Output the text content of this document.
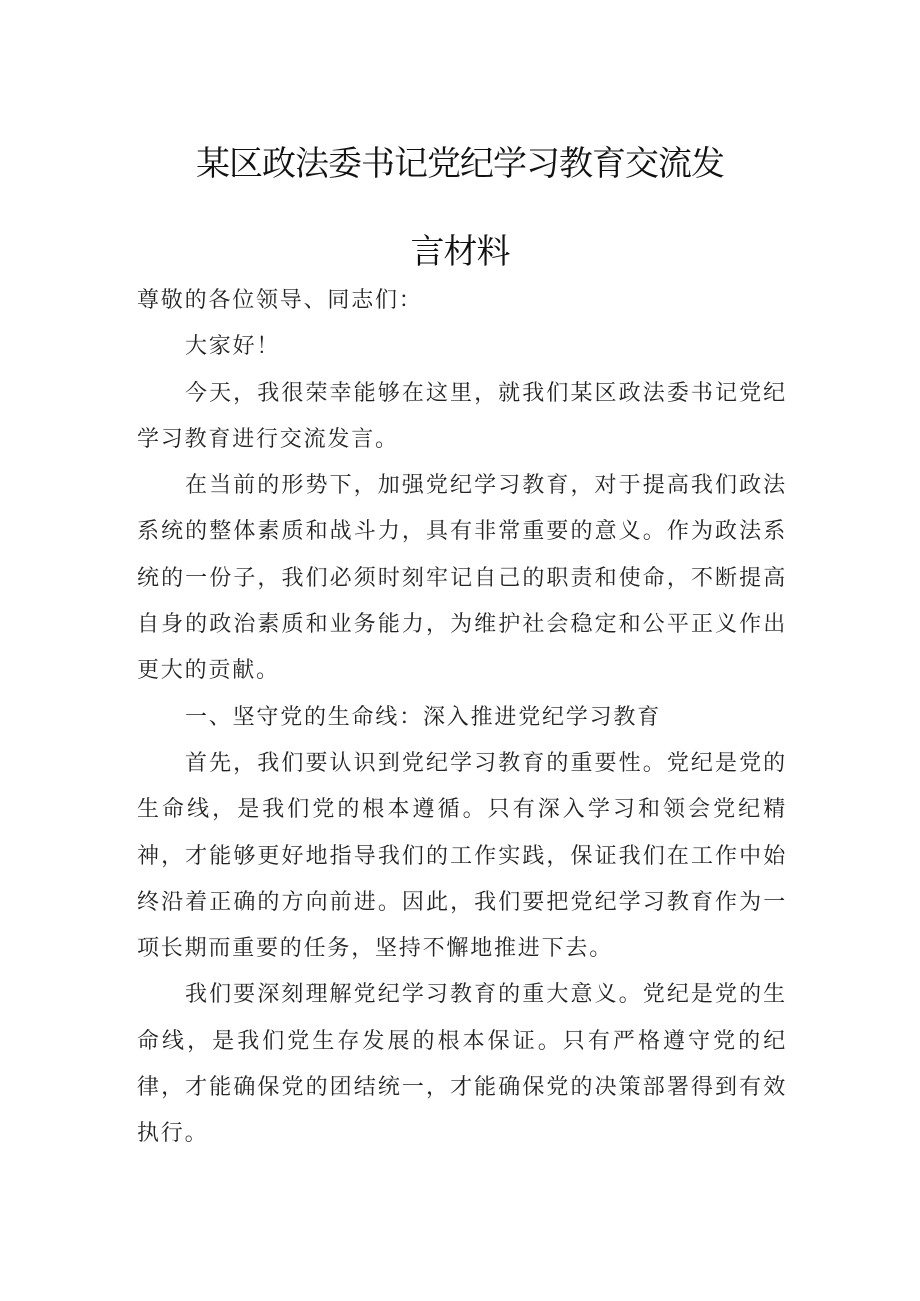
某区政法委书记党纪学习教育交流发
言材料

尊敬的各位领导、同志们：

大家好！

今天，我很荣幸能够在这里，就我们某区政法委书记党纪学习教育进行交流发言。

在当前的形势下，加强党纪学习教育，对于提高我们政法系统的整体素质和战斗力，具有非常重要的意义。作为政法系统的一份子，我们必须时刻牢记自己的职责和使命，不断提高自身的政治素质和业务能力，为维护社会稳定和公平正义作出更大的贡献。

一、坚守党的生命线：深入推进党纪学习教育

首先，我们要认识到党纪学习教育的重要性。党纪是党的生命线，是我们党的根本遵循。只有深入学习和领会党纪精神，才能够更好地指导我们的工作实践，保证我们在工作中始终沿着正确的方向前进。因此，我们要把党纪学习教育作为一项长期而重要的任务，坚持不懈地推进下去。

我们要深刻理解党纪学习教育的重大意义。党纪是党的生命线，是我们党生存发展的根本保证。只有严格遵守党的纪律，才能确保党的团结统一，才能确保党的决策部署得到有效执行。
